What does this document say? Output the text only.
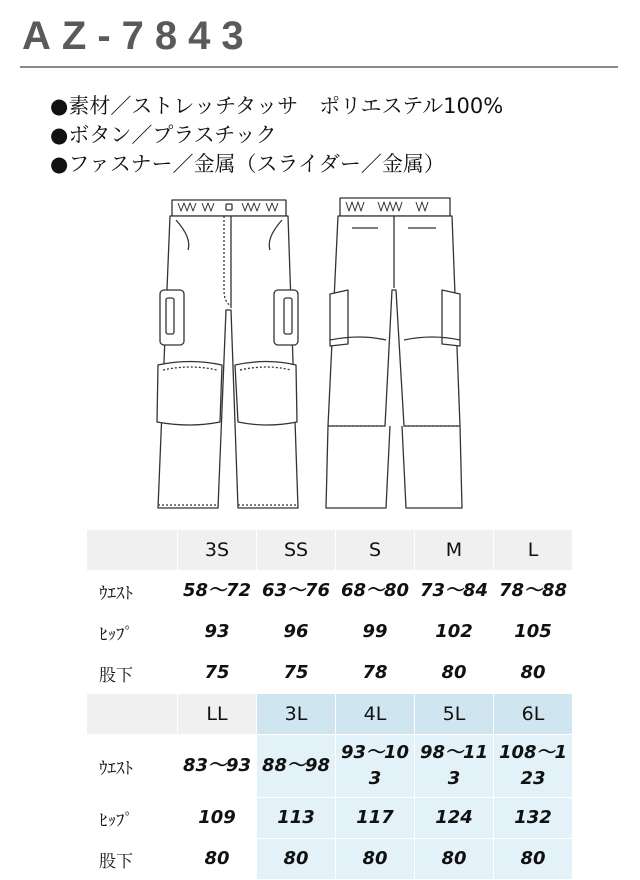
AZ-7843
●素材／ストレッチタッサ　ポリエステル100%
●ボタン／プラスチック
●ファスナー／金属（スライダー／金属）
	3S	SS	S	M	L
ｳｴｽﾄ	58～72	63～76	68～80	73～84	78～88
ﾋｯﾌﾟ	93	96	99	102	105
股下	75	75	78	80	80
	LL	3L	4L	5L	6L
ｳｴｽﾄ	83～93	88～98	93～103	98～113	108～123
ﾋｯﾌﾟ	109	113	117	124	132
股下	80	80	80	80	80
